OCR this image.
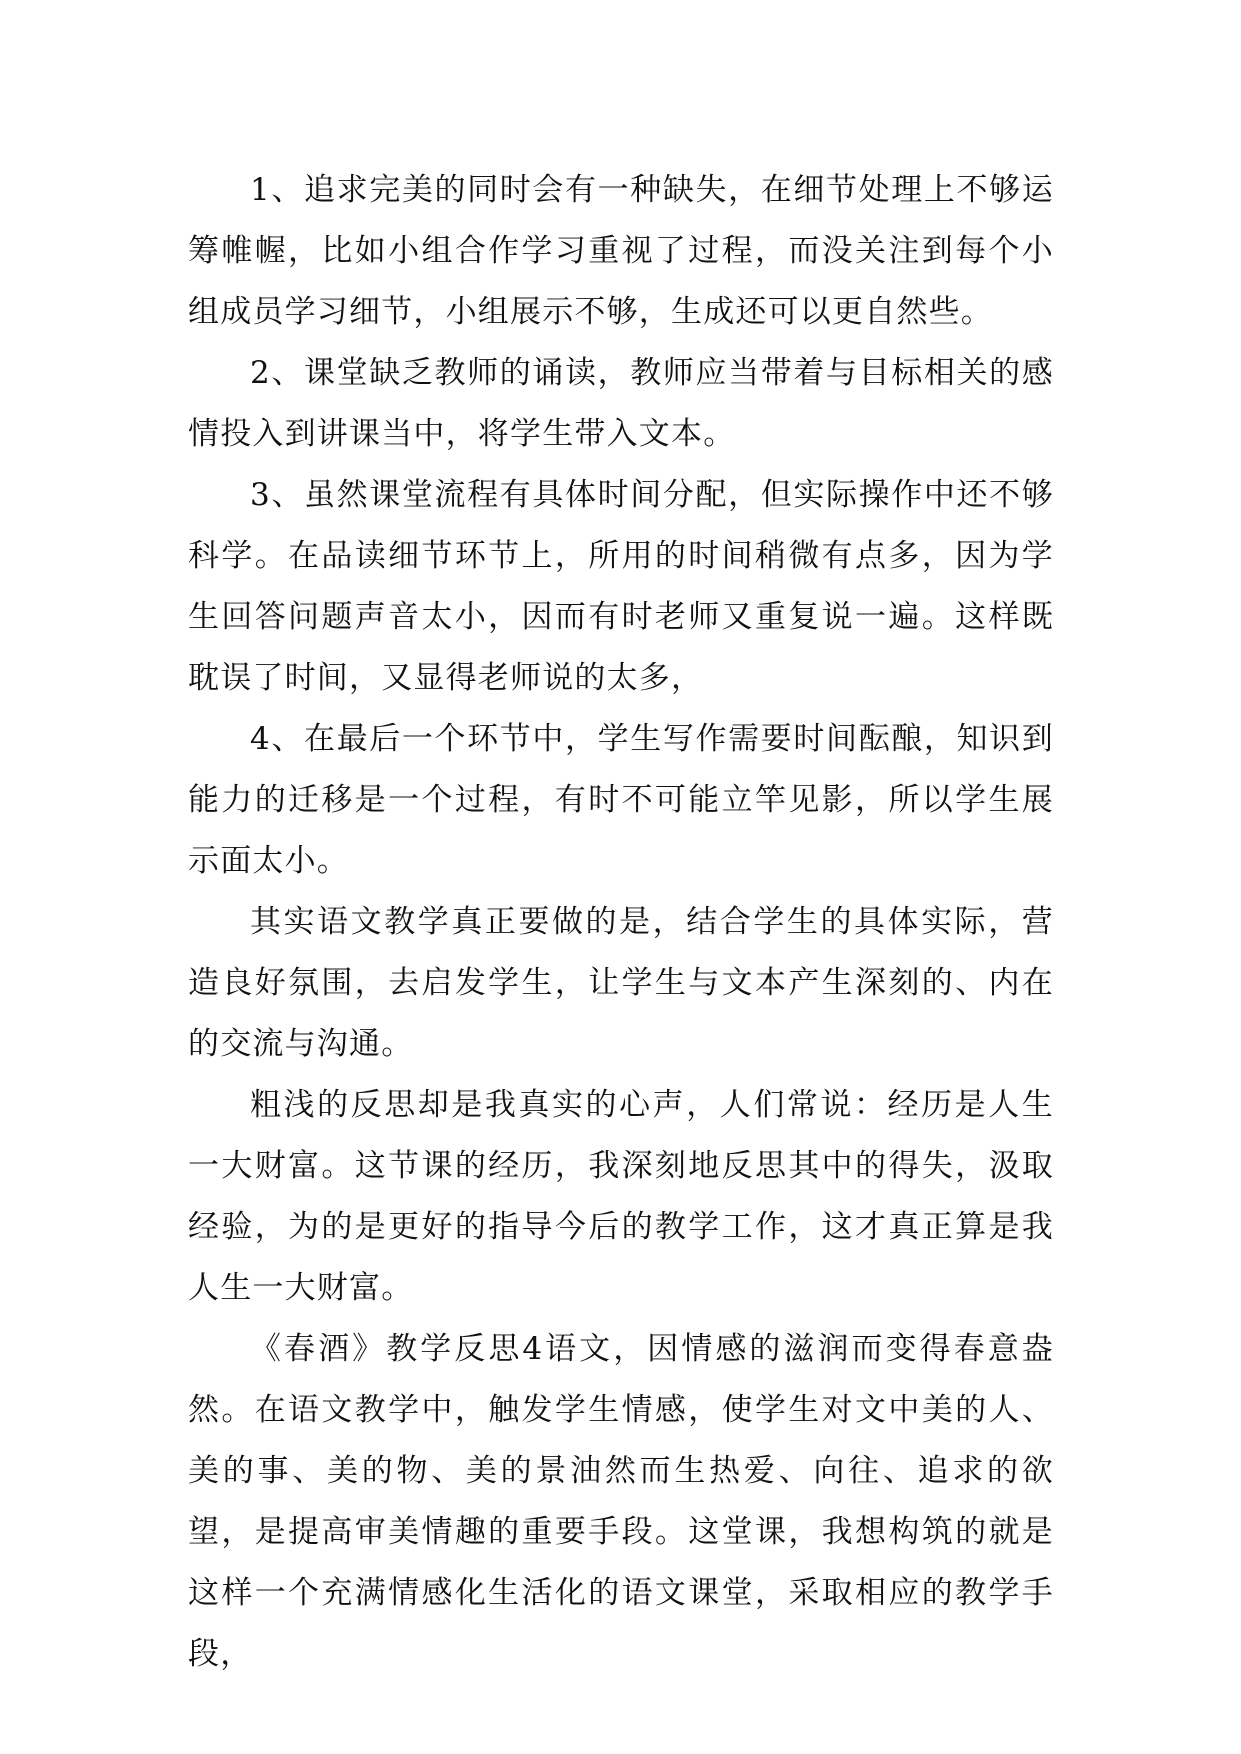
1、追求完美的同时会有一种缺失，在细节处理上不够运筹帷幄，比如小组合作学习重视了过程，而没关注到每个小组成员学习细节，小组展示不够，生成还可以更自然些。

2、课堂缺乏教师的诵读，教师应当带着与目标相关的感情投入到讲课当中，将学生带入文本。

3、虽然课堂流程有具体时间分配，但实际操作中还不够科学。在品读细节环节上，所用的时间稍微有点多，因为学生回答问题声音太小，因而有时老师又重复说一遍。这样既耽误了时间，又显得老师说的太多，

4、在最后一个环节中，学生写作需要时间酝酿，知识到能力的迁移是一个过程，有时不可能立竿见影，所以学生展示面太小。

其实语文教学真正要做的是，结合学生的具体实际，营造良好氛围，去启发学生，让学生与文本产生深刻的、内在的交流与沟通。

粗浅的反思却是我真实的心声，人们常说：经历是人生一大财富。这节课的经历，我深刻地反思其中的得失，汲取经验，为的是更好的指导今后的教学工作，这才真正算是我人生一大财富。

《春酒》教学反思4语文，因情感的滋润而变得春意盎然。在语文教学中，触发学生情感，使学生对文中美的人、美的事、美的物、美的景油然而生热爱、向往、追求的欲望，是提高审美情趣的重要手段。这堂课，我想构筑的就是这样一个充满情感化生活化的语文课堂，采取相应的教学手段，
